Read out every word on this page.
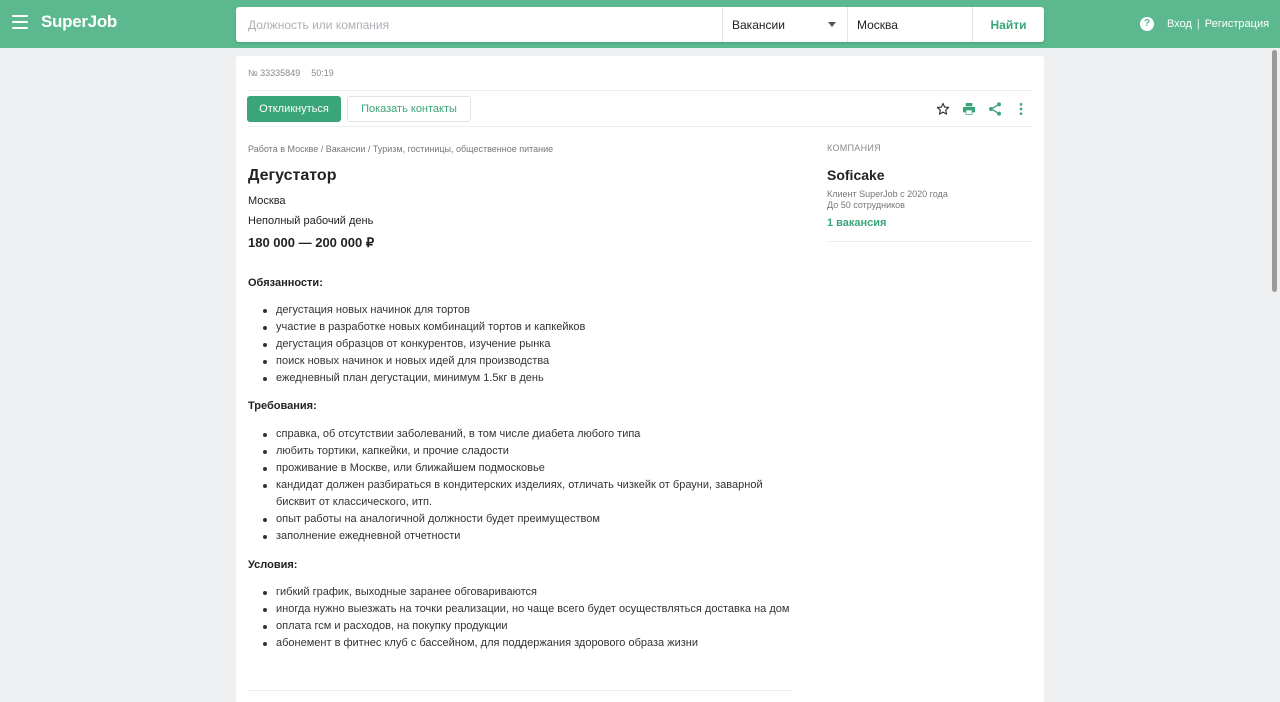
SuperJob
Должность или компания	Вакансии	Москва	Найти	?	Вход | Регистрация
№ 33335849 50:19
Откликнуться	Показать контакты
Работа в Москве / Вакансии / Туризм, гостиницы, общественное питание
Дегустатор
Москва
Неполный рабочий день
180 000 — 200 000 ₽
Обязанности:
дегустация новых начинок для тортов
участие в разработке новых комбинаций тортов и капкейков
дегустация образцов от конкурентов, изучение рынка
поиск новых начинок и новых идей для производства
ежедневный план дегустации, минимум 1.5кг в день
Требования:
справка, об отсутствии заболеваний, в том числе диабета любого типа
любить тортики, капкейки, и прочие сладости
проживание в Москве, или ближайшем подмосковье
кандидат должен разбираться в кондитерских изделиях, отличать чизкейк от брауни, заварной бисквит от классического, итп.
опыт работы на аналогичной должности будет преимуществом
заполнение ежедневной отчетности
Условия:
гибкий график, выходные заранее обговариваются
иногда нужно выезжать на точки реализации, но чаще всего будет осуществляться доставка на дом
оплата гсм и расходов, на покупку продукции
абонемент в фитнес клуб с бассейном, для поддержания здорового образа жизни
КОМПАНИЯ
Soficake
Клиент SuperJob с 2020 года
До 50 сотрудников
1 вакансия
